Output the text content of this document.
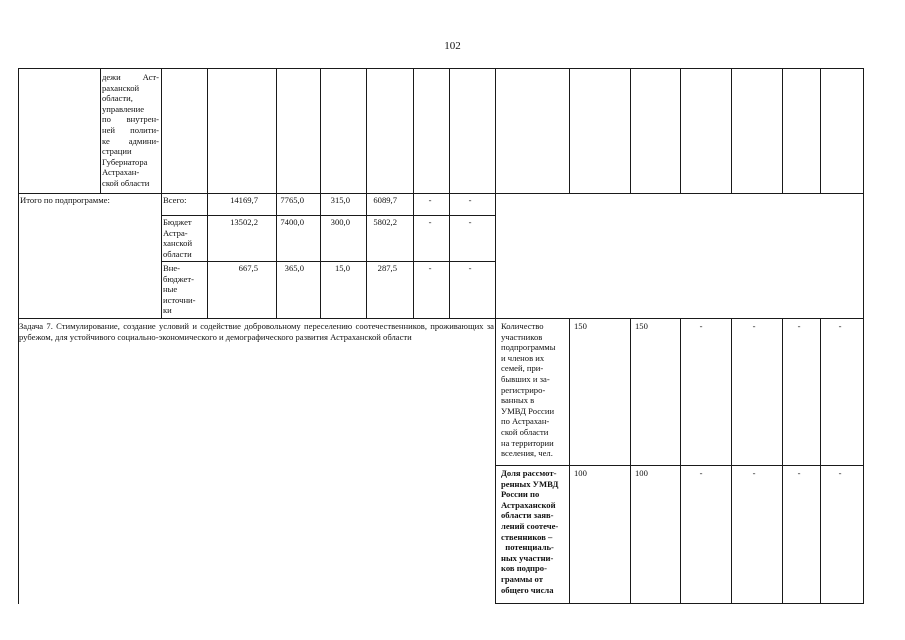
102
дежи   Аст-
раханской
области,
управление
по  внутрен-
ней  полити-
ке   админи-
страции
Губернатора
Астрахан-
ской области
Итого по подпрограмме:	Всего:	14169,7	7765,0	315,0	6089,7	-	-
Бюджет
Астра-
ханской
области
13502,2	7400,0	300,0	5802,2	-	-
Вне-
бюджет-
ные
источни-
ки
667,5	365,0	15,0	287,5	-	-
Задача 7. Стимулирование, создание условий и содействие добровольному переселению соотечественников, проживающих за рубежом, для устойчивого социально-экономического и демографического развития Астраханской области
Количество
участников
подпрограммы
и членов их
семей, при-
бывших и за-
регистриро-
ванных в
УМВД России
по Астрахан-
ской области
на территории
вселения, чел.
150	150	-	-	-	-
Доля рассмот-
ренных УМВД
России по
Астраханской
области заяв-
лений соотече-
ственников –
потенциаль-
ных участни-
ков подпро-
граммы от
общего числа
100	100	-	-	-	-
